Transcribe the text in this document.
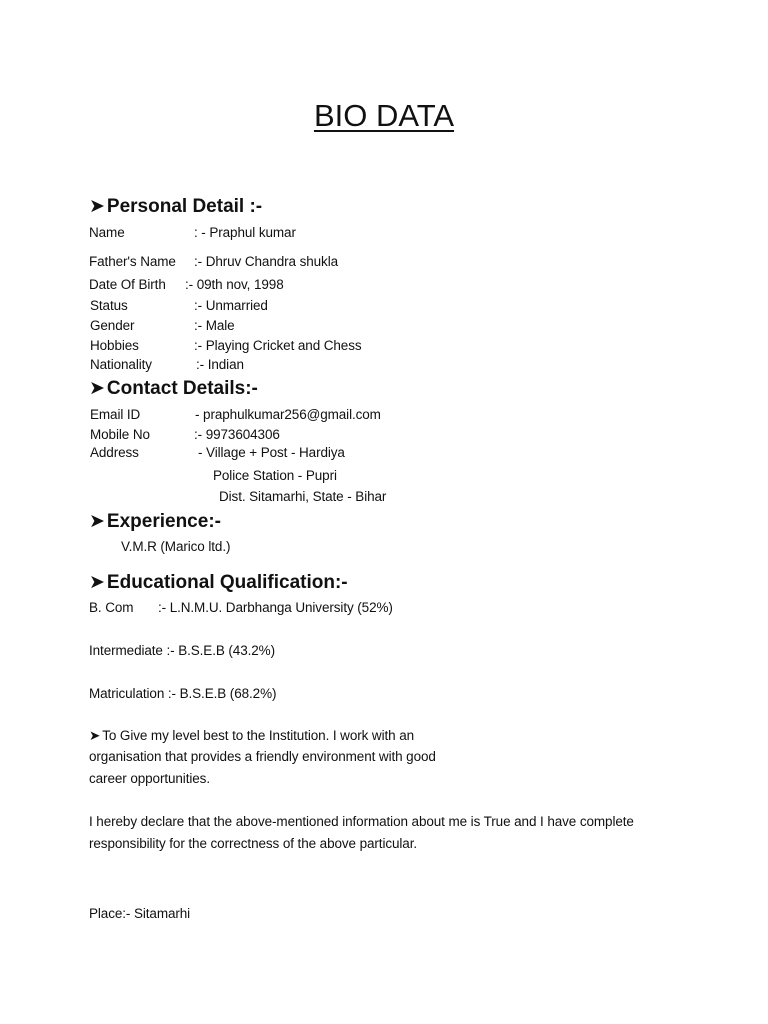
BIO DATA
➤ Personal Detail :-
Name	: - Praphul kumar
Father's Name :- Dhruv Chandra shukla
Date Of Birth :- 09th nov, 1998
Status	:- Unmarried
Gender	:- Male
Hobbies	:- Playing Cricket and Chess
Nationality	:- Indian
➤ Contact Details:-
Email ID	- praphulkumar256@gmail.com
Mobile No	:- 9973604306
Address	- Village + Post - Hardiya
Police Station - Pupri
Dist. Sitamarhi, State - Bihar
➤ Experience:-
V.M.R (Marico ltd.)
➤ Educational Qualification:-
B. Com :- L.N.M.U. Darbhanga University (52%)
Intermediate :- B.S.E.B (43.2%)
Matriculation :- B.S.E.B (68.2%)
➤ To Give my level best to the Institution. I work with an
organisation that provides a friendly environment with good
career opportunities.
I hereby declare that the above-mentioned information about me is True and I have complete
responsibility for the correctness of the above particular.
Place:- Sitamarhi
